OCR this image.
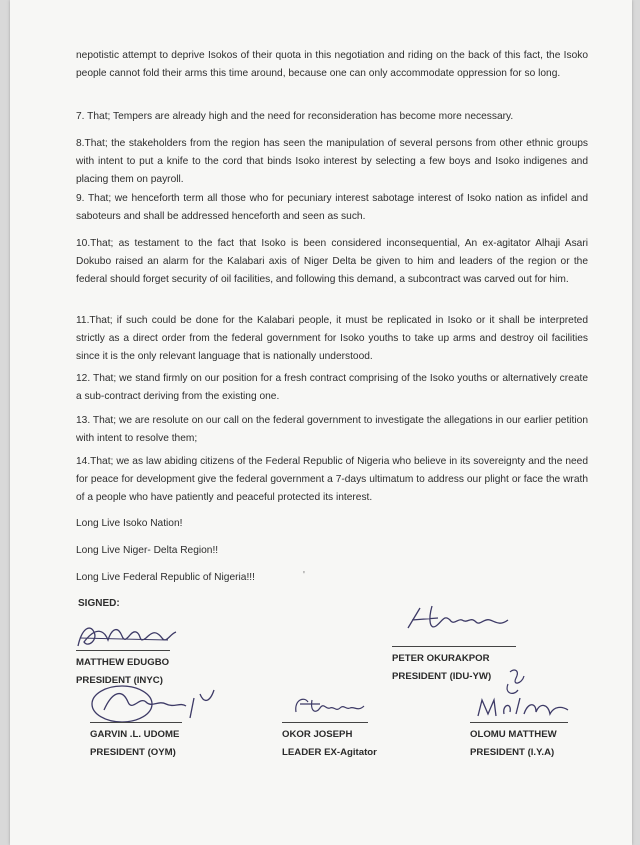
nepotistic attempt to deprive Isokos of their quota in this negotiation and riding on the back of this fact, the Isoko people cannot fold their arms this time around, because one can only accommodate oppression for so long.

7. That; Tempers are already high and the need for reconsideration has become more necessary.

8.That; the stakeholders from the region has seen the manipulation of several persons from other ethnic groups with intent to put a knife to the cord that binds Isoko interest by selecting a few boys and Isoko indigenes and placing them on payroll.

9. That; we henceforth term all those who for pecuniary interest sabotage interest of Isoko nation as infidel and saboteurs and shall be addressed henceforth and seen as such.

10.That; as testament to the fact that Isoko is been considered inconsequential, An ex-agitator Alhaji Asari Dokubo raised an alarm for the Kalabari axis of Niger Delta be given to him and leaders of the region or the federal should forget security of oil facilities, and following this demand, a subcontract was carved out for him.

11.That; if such could be done for the Kalabari people, it must be replicated in Isoko or it shall be interpreted strictly as a direct order from the federal government for Isoko youths to take up arms and destroy oil facilities since it is the only relevant language that is nationally understood.

12. That; we stand firmly on our position for a fresh contract comprising of the Isoko youths or alternatively create a sub-contract deriving from the existing one.

13. That; we are resolute on our call on the federal government to investigate the allegations in our earlier petition with intent to resolve them;

14.That; we as law abiding citizens of the Federal Republic of Nigeria who believe in its sovereignty and the need for peace for development give the federal government a 7-days ultimatum to address our plight or face the wrath of a people who have patiently and peaceful protected its interest.

Long Live Isoko Nation!

Long Live Niger- Delta Region!!

Long Live Federal Republic of Nigeria!!!	'
SIGNED:
MATTHEW EDUGBO
PRESIDENT (INYC)
PETER OKURAKPOR
PRESIDENT (IDU-YW)
GARVIN .L. UDOME
PRESIDENT (OYM)
OKOR JOSEPH
LEADER EX-Agitator
OLOMU MATTHEW
PRESIDENT (I.Y.A)
